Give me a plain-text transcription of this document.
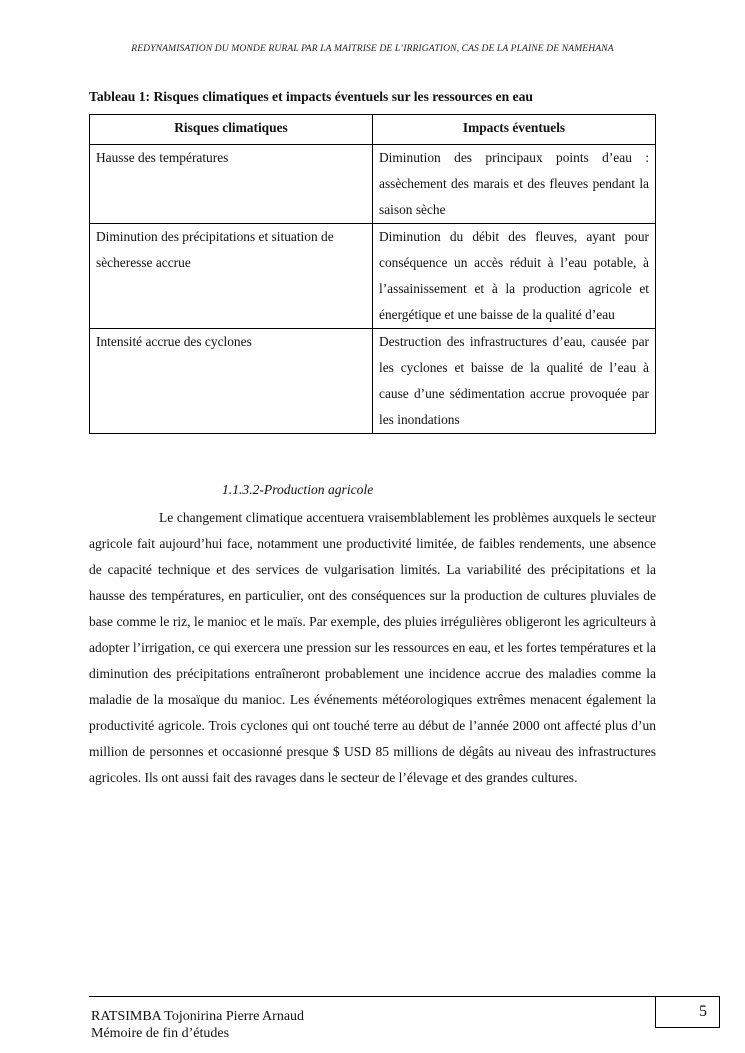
REDYNAMISATION DU MONDE RURAL PAR LA MAITRISE DE L’IRRIGATION, CAS DE LA PLAINE DE NAMEHANA
Tableau 1: Risques climatiques et impacts éventuels sur les ressources en eau
Risques climatiques	Impacts éventuels
Hausse des températures	Diminution des principaux points d’eau : assèchement des marais et des fleuves pendant la saison sèche
Diminution des précipitations et situation de sècheresse accrue	Diminution du débit des fleuves, ayant pour conséquence un accès réduit à l’eau potable, à l’assainissement et à la production agricole et énergétique et une baisse de la qualité d’eau
Intensité accrue des cyclones	Destruction des infrastructures d’eau, causée par les cyclones et baisse de la qualité de l’eau à cause d’une sédimentation accrue provoquée par les inondations
1.1.3.2-Production agricole

Le changement climatique accentuera vraisemblablement les problèmes auxquels le secteur agricole fait aujourd’hui face, notamment une productivité limitée, de faibles rendements, une absence de capacité technique et des services de vulgarisation limités. La variabilité des précipitations et la hausse des températures, en particulier, ont des conséquences sur la production de cultures pluviales de base comme le riz, le manioc et le maïs. Par exemple, des pluies irrégulières obligeront les agriculteurs à adopter l’irrigation, ce qui exercera une pression sur les ressources en eau, et les fortes températures et la diminution des précipitations entraîneront probablement une incidence accrue des maladies comme la maladie de la mosaïque du manioc. Les événements météorologiques extrêmes menacent également la productivité agricole. Trois cyclones qui ont touché terre au début de l’année 2000 ont affecté plus d’un million de personnes et occasionné presque $ USD 85 millions de dégâts au niveau des infrastructures agricoles. Ils ont aussi fait des ravages dans le secteur de l’élevage et des grandes cultures.

5
RATSIMBA Tojonirina Pierre Arnaud
Mémoire de fin d’études
